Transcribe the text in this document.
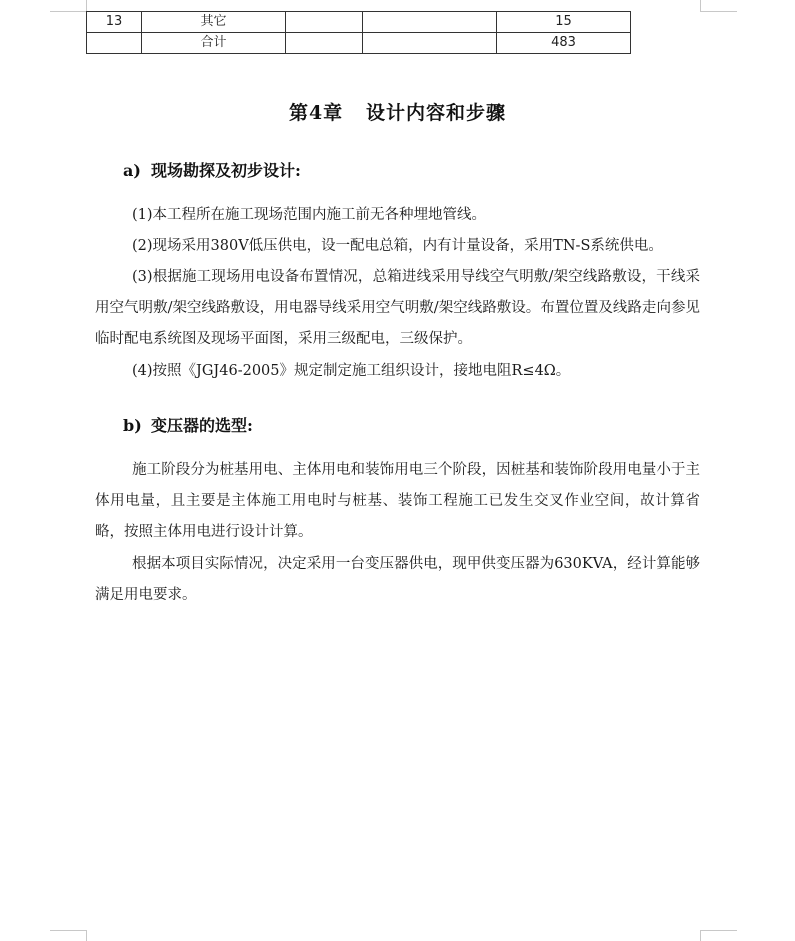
13	其它			15
	合计			483
第4章   设计内容和步骤
a) 现场勘探及初步设计:
(1)本工程所在施工现场范围内施工前无各种埋地管线。
(2)现场采用380V低压供电，设一配电总箱，内有计量设备，采用TN-S系统供电。
(3)根据施工现场用电设备布置情况，总箱进线采用导线空气明敷/架空线路敷设，干线采用空气明敷/架空线路敷设，用电器导线采用空气明敷/架空线路敷设。布置位置及线路走向参见临时配电系统图及现场平面图，采用三级配电，三级保护。
(4)按照《JGJ46-2005》规定制定施工组织设计，接地电阻R≤4Ω。
b) 变压器的选型:
施工阶段分为桩基用电、主体用电和装饰用电三个阶段，因桩基和装饰阶段用电量小于主体用电量，且主要是主体施工用电时与桩基、装饰工程施工已发生交叉作业空间，故计算省略，按照主体用电进行设计计算。
根据本项目实际情况，决定采用一台变压器供电，现甲供变压器为630KVA，经计算能够满足用电要求。
